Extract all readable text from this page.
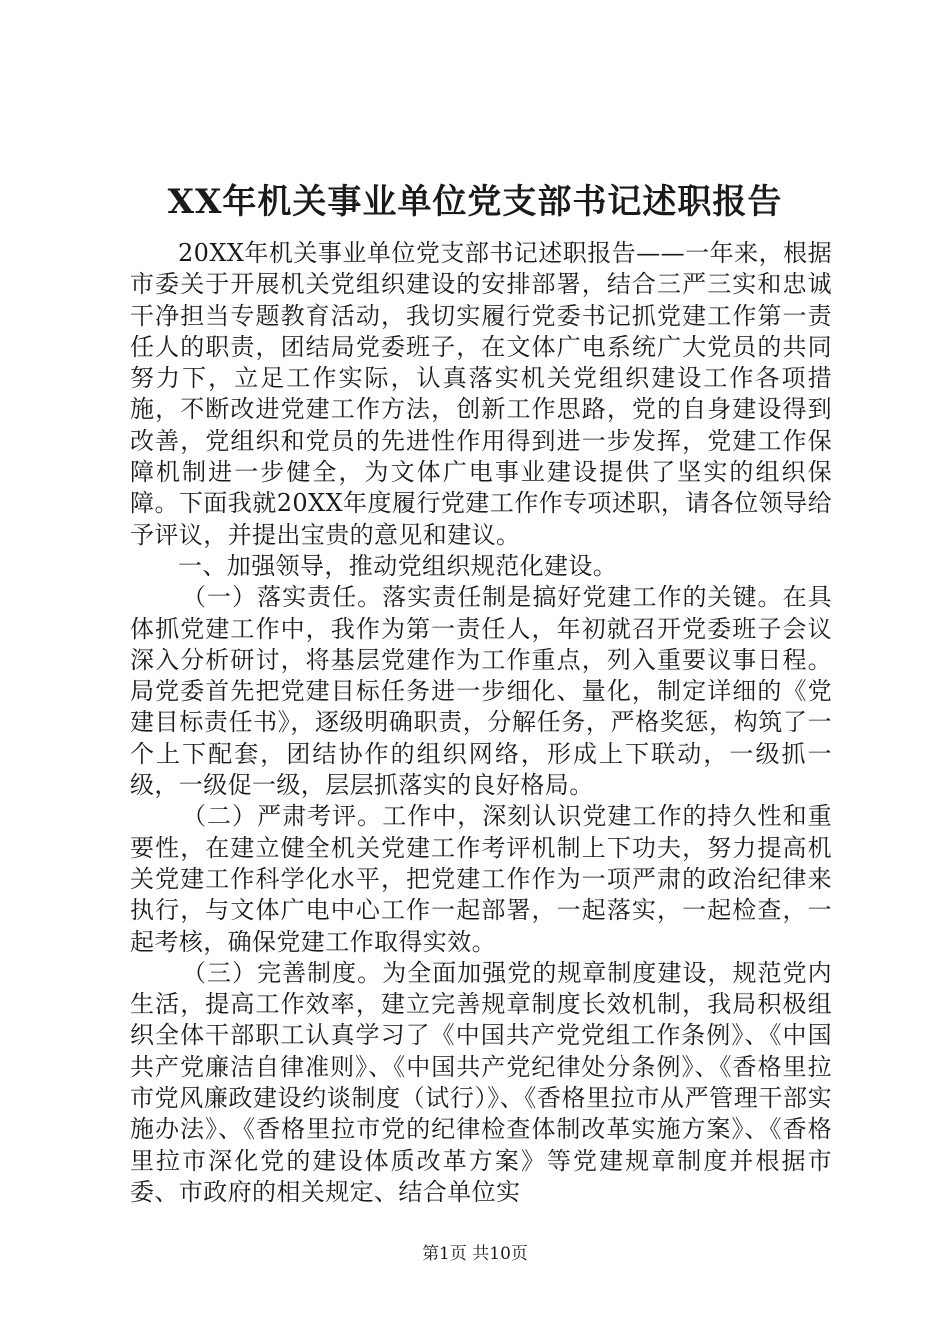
XX年机关事业单位党支部书记述职报告

20XX年机关事业单位党支部书记述职报告——一年来，根据市委关于开展机关党组织建设的安排部署，结合三严三实和忠诚干净担当专题教育活动，我切实履行党委书记抓党建工作第一责任人的职责，团结局党委班子，在文体广电系统广大党员的共同努力下，立足工作实际，认真落实机关党组织建设工作各项措施，不断改进党建工作方法，创新工作思路，党的自身建设得到改善，党组织和党员的先进性作用得到进一步发挥，党建工作保障机制进一步健全，为文体广电事业建设提供了坚实的组织保障。下面我就20XX年度履行党建工作作专项述职，请各位领导给予评议，并提出宝贵的意见和建议。

一、加强领导，推动党组织规范化建设。

（一）落实责任。落实责任制是搞好党建工作的关键。在具体抓党建工作中，我作为第一责任人，年初就召开党委班子会议深入分析研讨，将基层党建作为工作重点，列入重要议事日程。局党委首先把党建目标任务进一步细化、量化，制定详细的《党建目标责任书》，逐级明确职责，分解任务，严格奖惩，构筑了一个上下配套，团结协作的组织网络，形成上下联动，一级抓一级，一级促一级，层层抓落实的良好格局。

（二）严肃考评。工作中，深刻认识党建工作的持久性和重要性，在建立健全机关党建工作考评机制上下功夫，努力提高机关党建工作科学化水平，把党建工作作为一项严肃的政治纪律来执行，与文体广电中心工作一起部署，一起落实，一起检查，一起考核，确保党建工作取得实效。

（三）完善制度。为全面加强党的规章制度建设，规范党内生活，提高工作效率，建立完善规章制度长效机制，我局积极组织全体干部职工认真学习了《中国共产党党组工作条例》、《中国共产党廉洁自律准则》、《中国共产党纪律处分条例》、《香格里拉市党风廉政建设约谈制度（试行）》、《香格里拉市从严管理干部实施办法》、《香格里拉市党的纪律检查体制改革实施方案》、《香格里拉市深化党的建设体质改革方案》等党建规章制度并根据市委、市政府的相关规定、结合单位实

第1页 共10页
